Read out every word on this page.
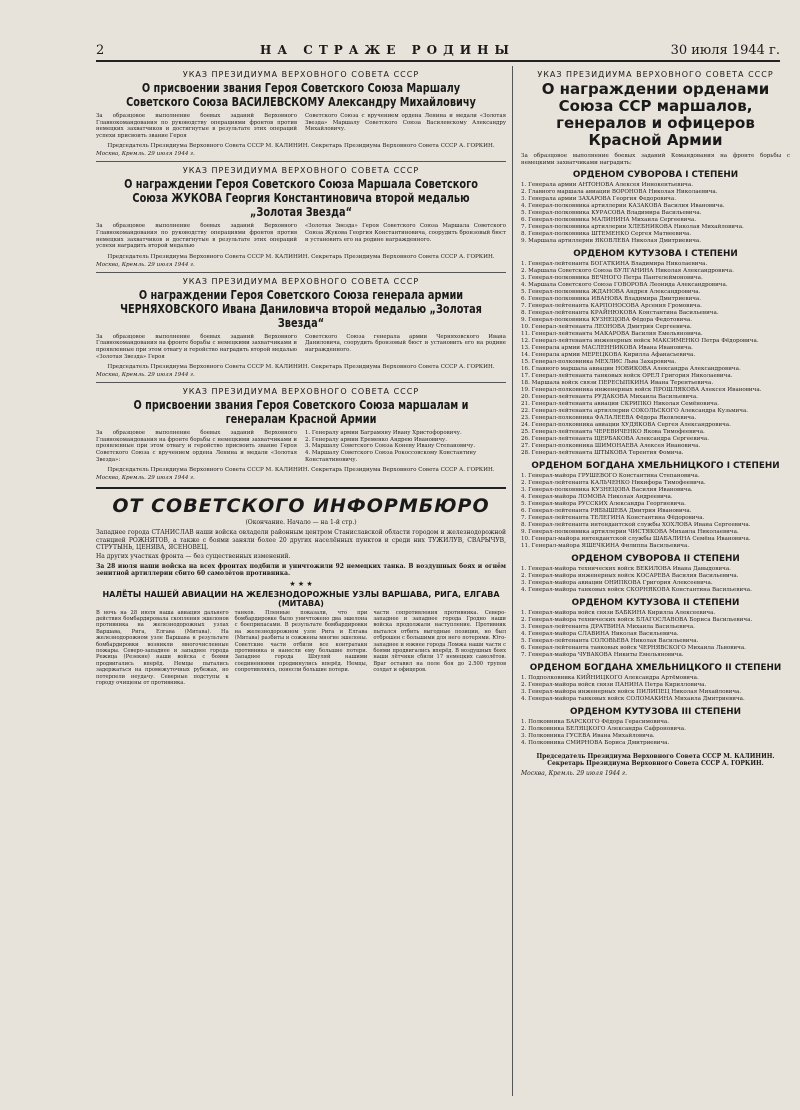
2	НА СТРАЖЕ РОДИНЫ	30 июля 1944 г.
УКАЗ ПРЕЗИДИУМА ВЕРХОВНОГО СОВЕТА СССР
О присвоении звания Героя Советского Союза Маршалу Советского Союза ВАСИЛЕВСКОМУ Александру Михайловичу

За образцовое выполнение боевых заданий Верховного Главнокомандования по руководству операциями фронтов против немецких захватчиков и достигнутые в результате этих операций успехи присвоить звание Героя

Советского Союза с вручением ордена Ленина и медали «Золотая Звезда» Маршалу Советского Союза Василевскому Александру Михайловичу.

Председатель Президиума Верховного Совета СССР М. КАЛИНИН. Секретарь Президиума Верховного Совета СССР А. ГОРКИН.
Москва, Кремль. 29 июля 1944 г.
УКАЗ ПРЕЗИДИУМА ВЕРХОВНОГО СОВЕТА СССР
О награждении Героя Советского Союза Маршала Советского Союза ЖУКОВА Георгия Константиновича второй медалью „Золотая Звезда“

За образцовое выполнение боевых заданий Верховного Главнокомандования по руководству операциями фронтов против немецких захватчиков и достигнутые в результате этих операций успехи наградить второй медалью

«Золотая Звезда» Героя Советского Союза Маршала Советского Союза Жукова Георгия Константиновича, соорудить бронзовый бюст и установить его на родине награжденного.

Председатель Президиума Верховного Совета СССР М. КАЛИНИН. Секретарь Президиума Верховного Совета СССР А. ГОРКИН.
Москва, Кремль. 29 июля 1944 г.
УКАЗ ПРЕЗИДИУМА ВЕРХОВНОГО СОВЕТА СССР
О награждении Героя Советского Союза генерала армии ЧЕРНЯХОВСКОГО Ивана Даниловича второй медалью „Золотая Звезда“

За образцовое выполнение боевых заданий Верховного Главнокомандования на фронте борьбы с немецкими захватчиками и проявленные при этом отвагу и геройство наградить второй медалью «Золотая Звезда» Героя

Советского Союза генерала армии Черняховского Ивана Даниловича, соорудить бронзовый бюст и установить его на родине награжденного.

Председатель Президиума Верховного Совета СССР М. КАЛИНИН. Секретарь Президиума Верховного Совета СССР А. ГОРКИН.
Москва, Кремль. 29 июля 1944 г.
УКАЗ ПРЕЗИДИУМА ВЕРХОВНОГО СОВЕТА СССР
О присвоении звания Героя Советского Союза маршалам и генералам Красной Армии

За образцовое выполнение боевых заданий Верховного Главнокомандования на фронте борьбы с немецкими захватчиками и проявленные при этом отвагу и геройство присвоить звание Героя Советского Союза с вручением ордена Ленина и медали «Золотая Звезда»:

1. Генералу армии Баграмяну Ивану Христофоровичу.
2. Генералу армии Еременко Андрею Ивановичу.
3. Маршалу Советского Союза Коневу Ивану Степановичу.
4. Маршалу Советского Союза Рокоссовскому Константину Константиновичу.
Председатель Президиума Верховного Совета СССР М. КАЛИНИН. Секретарь Президиума Верховного Совета СССР А. ГОРКИН.
Москва, Кремль. 29 июля 1944 г.
ОТ СОВЕТСКОГО ИНФОРМБЮРО
(Окончание. Начало — на 1-й стр.)

Западнее города СТАНИСЛАВ наши войска овладели районным центром Станиславской области городом и железнодорожной станцией РОЖНЯТОВ, а также с боями заняли более 20 других населённых пунктов и среди них ТУЖИЛУВ, СВАРЫЧУВ, СТРУТЫНЬ, ЦЕНЯВА, ЯСЕНОВЕЦ.

На других участках фронта — без существенных изменений.

За 28 июля наши войска на всех фронтах подбили и уничтожили 92 немецких танка. В воздушных боях и огнём зенитной артиллерии сбито 60 самолётов противника.

★ ★ ★
НАЛЁТЫ НАШЕЙ АВИАЦИИ НА ЖЕЛЕЗНОДОРОЖНЫЕ УЗЛЫ ВАРШАВА, РИГА, ЕЛГАВА (МИТАВА)

В ночь на 28 июля наша авиация дальнего действия бомбардировала скопления эшелонов противника на железнодорожных узлах Варшава, Рига, Елгава (Митава). На железнодорожном узле Варшава в результате бомбардировки возникли многочисленные пожары. Северо-западнее и западнее города Режица (Резекне) наши войска с боями продвигались вперёд. Немцы пытались задержаться на промежуточных рубежах, но потерпели неудачу. Северные подступы к городу очищены от противника.

танков. Пленные показали, что при бомбардировке было уничтожено два эшелона с боеприпасами. В результате бомбардировки на железнодорожном узле Рига и Елгава (Митава) разбиты и сожжены многие эшелоны. Советские части отбили все контратаки противника и нанесли ему большие потери. Западнее города Шяуляй нашими соединениями продвинулись вперёд. Немцы, сопротивляясь, понесли большие потери.

части сопротивления противника. Северо-западнее и западнее города Гродно наши войска продолжали наступление. Противник пытался отбить выгодные позиции, но был отброшен с большими для него потерями. Юго-западнее и южнее города Ломжа наши части с боями продвигались вперёд. В воздушных боях наши лётчики сбили 17 немецких самолётов. Враг оставил на поле боя до 2.500 трупов солдат и офицеров.

УКАЗ ПРЕЗИДИУМА ВЕРХОВНОГО СОВЕТА СССР
О награждении орденами Союза ССР маршалов, генералов и офицеров Красной Армии

За образцовое выполнение боевых заданий Командования на фронте борьбы с немецкими захватчиками наградить:

ОРДЕНОМ СУВОРОВА I СТЕПЕНИ
1. Генерала армии АНТОНОВА Алексея Иннокентьевича.
2. Главного маршала авиации ВОРОНОВА Николая Николаевича.
3. Генерала армии ЗАХАРОВА Георгия Федоровича.
4. Генерал-полковника артиллерии КАЗАКОВА Василия Ивановича.
5. Генерал-полковника КУРАСОВА Владимира Васильевича.
6. Генерал-полковника МАЛИНИНА Михаила Сергеевича.
7. Генерал-полковника артиллерии ХЛЕБНИКОВА Николая Михайловича.
8. Генерал-полковника ШТЕМЕНКО Сергея Матвеевича.
9. Маршала артиллерии ЯКОВЛЕВА Николая Дмитриевича.
ОРДЕНОМ КУТУЗОВА I СТЕПЕНИ
1. Генерал-лейтенанта БОГАТКИНА Владимира Николаевича.
2. Маршала Советского Союза БУЛГАНИНА Николая Александровича.
3. Генерал-полковника ВЕЧНОГО Петра Пантелеймоновича.
4. Маршала Советского Союза ГОВОРОВА Леонида Александровича.
5. Генерал-полковника ЖДАНОВА Андрея Александровича.
6. Генерал-полковника ИВАНОВА Владимира Дмитриевича.
7. Генерал-лейтенанта КАРПОНОСОВА Арсения Громовича.
8. Генерал-лейтенанта КРАЙНЮКОВА Константина Васильевича.
9. Генерал-полковника КУЗНЕЦОВА Фёдора Федотовича.
10. Генерал-лейтенанта ЛЕОНОВА Дмитрия Сергеевича.
11. Генерал-лейтенанта МАКАРОВА Василия Емельяновича.
12. Генерал-лейтенанта инженерных войск МАКСИМЕНКО Петра Фёдоровича.
13. Генерала армии МАСЛЕННИКОВА Ивана Ивановича.
14. Генерала армии МЕРЕЦКОВА Кирилла Афанасьевича.
15. Генерал-полковника МЕХЛИС Льва Захаровича.
16. Главного маршала авиации НОВИКОВА Александра Александровича.
17. Генерал-лейтенанта танковых войск ОРЕЛ Григория Николаевича.
18. Маршала войск связи ПЕРЕСЫПКИНА Ивана Терентьевича.
19. Генерал-полковника инженерных войск ПРОШЛЯКОВА Алексея Ивановича.
20. Генерал-лейтенанта РУДАКОВА Михаила Васильевича.
21. Генерал-лейтенанта авиации СКРИПКО Николая Семёновича.
22. Генерал-лейтенанта артиллерии СОКОЛЬСКОГО Александра Кузьмича.
23. Генерал-полковника ФАЛАЛЕЕВА Фёдора Яковлевича.
24. Генерал-полковника авиации ХУДЯКОВА Сергея Александровича.
25. Генерал-лейтенанта ЧЕРЕВИЧЕНКО Якова Тимофеевича.
26. Генерал-лейтенанта ЩЕРБАКОВА Александра Сергеевича.
27. Генерал-полковника ШИМОНАЕВА Алексея Ивановича.
28. Генерал-лейтенанта ШТЫКОВА Терентия Фомича.
ОРДЕНОМ БОГДАНА ХМЕЛЬНИЦКОГО I СТЕПЕНИ
1. Генерал-майора ГРУШЕВОГО Константина Степановича.
2. Генерал-лейтенанта КАЛЬЧЕНКО Никифора Тимофеевича.
3. Генерал-полковника КУЗНЕЦОВА Василия Ивановича.
4. Генерал-майора ЛОМОВА Николая Андреевича.
5. Генерал-майора РУССКИХ Александра Георгиевича.
6. Генерал-лейтенанта РЯБЫШЕВА Дмитрия Ивановича.
7. Генерал-лейтенанта ТЕЛЕГИНА Константина Фёдоровича.
8. Генерал-лейтенанта интендантской службы ХОХЛОВА Ивана Сергеевича.
9. Генерал-полковника артиллерии ЧИСТЯКОВА Михаила Николаевича.
10. Генерал-майора интендантской службы ШАБАЛИНА Семёна Ивановича.
11. Генерал-майора ЯШЕЧКИНА Филиппа Васильевича.
ОРДЕНОМ СУВОРОВА II СТЕПЕНИ
1. Генерал-майора технических войск ВЕКИЛОВА Ивана Давыдовича.
2. Генерал-майора инженерных войск КОСАРЕВА Василия Васильевича.
3. Генерал-майора авиации ОНИПКОВА Григория Алексеевича.
4. Генерал-майора танковых войск СКОРНЯКОВА Константина Васильевича.
ОРДЕНОМ КУТУЗОВА II СТЕПЕНИ
1. Генерал-майора войск связи БАБКИНА Кирилла Алексеевича.
2. Генерал-майора технических войск БЛАГОСЛАВОВА Бориса Васильевича.
3. Генерал-лейтенанта ДРАТВИНА Михаила Васильевича.
4. Генерал-майора СЛАВИНА Николая Васильевича.
5. Генерал-лейтенанта СОЛОВЬЕВА Николая Васильевича.
6. Генерал-лейтенанта танковых войск ЧЕРНЯВСКОГО Михаила Львовича.
7. Генерал-майора ЧУВАКОВА Никиты Емельяновича.
ОРДЕНОМ БОГДАНА ХМЕЛЬНИЦКОГО II СТЕПЕНИ
1. Подполковника КИЙНИЦКОГО Александра Артёмовича.
2. Генерал-майора войск связи ПАНИНА Петра Кирилловича.
3. Генерал-майора инженерных войск ПИЛИПЕЦ Николая Михайловича.
4. Генерал-майора танковых войск СОЛОМАКИНА Михаила Дмитриевича.
ОРДЕНОМ КУТУЗОВА III СТЕПЕНИ
1. Полковника БАРСКОГО Фёдора Герасимовича.
2. Полковника БЕЛЯЦКОГО Александра Сафроновича.
3. Полковника ГУСЕВА Ивана Михайловича.
4. Полковника СМИРНОВА Бориса Дмитриевича.
Председатель Президиума Верховного Совета СССР М. КАЛИНИН. Секретарь Президиума Верховного Совета СССР А. ГОРКИН.
Москва, Кремль. 29 июля 1944 г.
